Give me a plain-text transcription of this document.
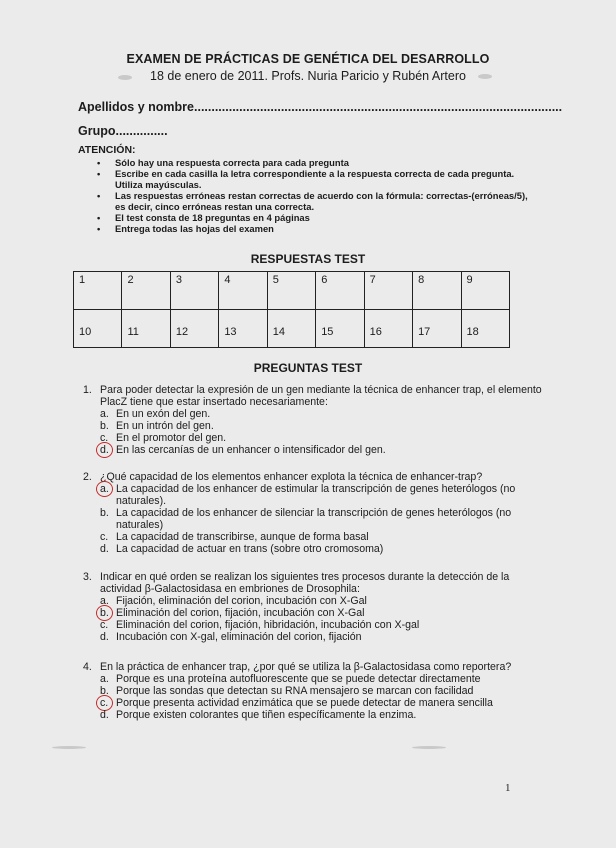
EXAMEN DE PRÁCTICAS DE GENÉTICA DEL DESARROLLO
18 de enero de 2011. Profs. Nuria Paricio y Rubén Artero
Apellidos y nombre..........................................................................................................
Grupo...............
ATENCIÓN:
• Sólo hay una respuesta correcta para cada pregunta
• Escribe en cada casilla la letra correspondiente a la respuesta correcta de cada pregunta. Utiliza mayúsculas.
• Las respuestas erróneas restan correctas de acuerdo con la fórmula: correctas-(erróneas/5), es decir, cinco erróneas restan una correcta.
• El test consta de 18 preguntas en 4 páginas
• Entrega todas las hojas del examen
RESPUESTAS TEST
1	2	3	4	5	6	7	8	9
10	11	12	13	14	15	16	17	18
PREGUNTAS TEST
1. Para poder detectar la expresión de un gen mediante la técnica de enhancer trap, el elemento PlacZ tiene que estar insertado necesariamente:
a. En un exón del gen.
b. En un intrón del gen.
c. En el promotor del gen.
d. En las cercanías de un enhancer o intensificador del gen.
2. ¿Qué capacidad de los elementos enhancer explota la técnica de enhancer-trap?
a. La capacidad de los enhancer de estimular la transcripción de genes heterólogos (no naturales).
b. La capacidad de los enhancer de silenciar la transcripción de genes heterólogos (no naturales)
c. La capacidad de transcribirse, aunque de forma basal
d. La capacidad de actuar en trans (sobre otro cromosoma)
3. Indicar en qué orden se realizan los siguientes tres procesos durante la detección de la actividad β-Galactosidasa en embriones de Drosophila:
a. Fijación, eliminación del corion, incubación con X-Gal
b. Eliminación del corion, fijación, incubación con X-Gal
c. Eliminación del corion, fijación, hibridación, incubación con X-gal
d. Incubación con X-gal, eliminación del corion, fijación
4. En la práctica de enhancer trap, ¿por qué se utiliza la β-Galactosidasa como reportera?
a. Porque es una proteína autofluorescente que se puede detectar directamente
b. Porque las sondas que detectan su RNA mensajero se marcan con facilidad
c. Porque presenta actividad enzimática que se puede detectar de manera sencilla
d. Porque existen colorantes que tiñen específicamente la enzima.
1
